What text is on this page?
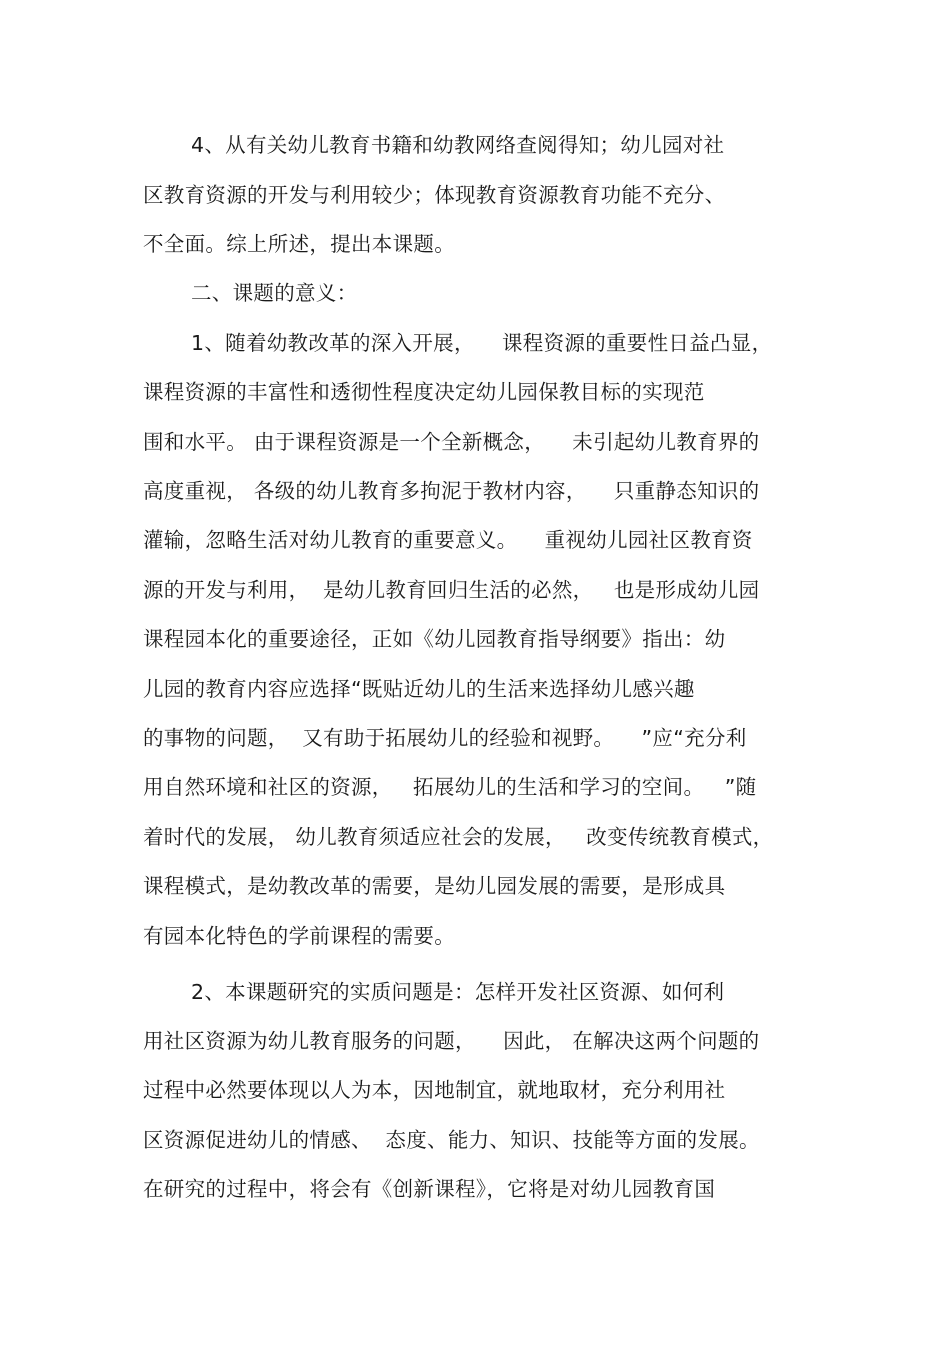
4、从有关幼儿教育书籍和幼教网络查阅得知；幼儿园对社

区教育资源的开发与利用较少；体现教育资源教育功能不充分、

不全面。综上所述，提出本课题。

二、课题的意义：

1、随着幼教改革的深入开展，    课程资源的重要性日益凸显，

课程资源的丰富性和透彻性程度决定幼儿园保教目标的实现范

围和水平。 由于课程资源是一个全新概念，    未引起幼儿教育界的

高度重视， 各级的幼儿教育多拘泥于教材内容，    只重静态知识的

灌输，忽略生活对幼儿教育的重要意义。    重视幼儿园社区教育资

源的开发与利用，  是幼儿教育回归生活的必然，   也是形成幼儿园

课程园本化的重要途径，正如《幼儿园教育指导纲要》指出：幼

儿园的教育内容应选择“既贴近幼儿的生活来选择幼儿感兴趣

的事物的问题，  又有助于拓展幼儿的经验和视野。    ”应“充分利

用自然环境和社区的资源，   拓展幼儿的生活和学习的空间。   ”随

着时代的发展， 幼儿教育须适应社会的发展，   改变传统教育模式，

课程模式，是幼教改革的需要，是幼儿园发展的需要，是形成具

有园本化特色的学前课程的需要。

2、本课题研究的实质问题是：怎样开发社区资源、如何利

用社区资源为幼儿教育服务的问题，    因此， 在解决这两个问题的

过程中必然要体现以人为本，因地制宜，就地取材，充分利用社

区资源促进幼儿的情感、  态度、能力、知识、技能等方面的发展。

在研究的过程中，将会有《创新课程》，它将是对幼儿园教育国
